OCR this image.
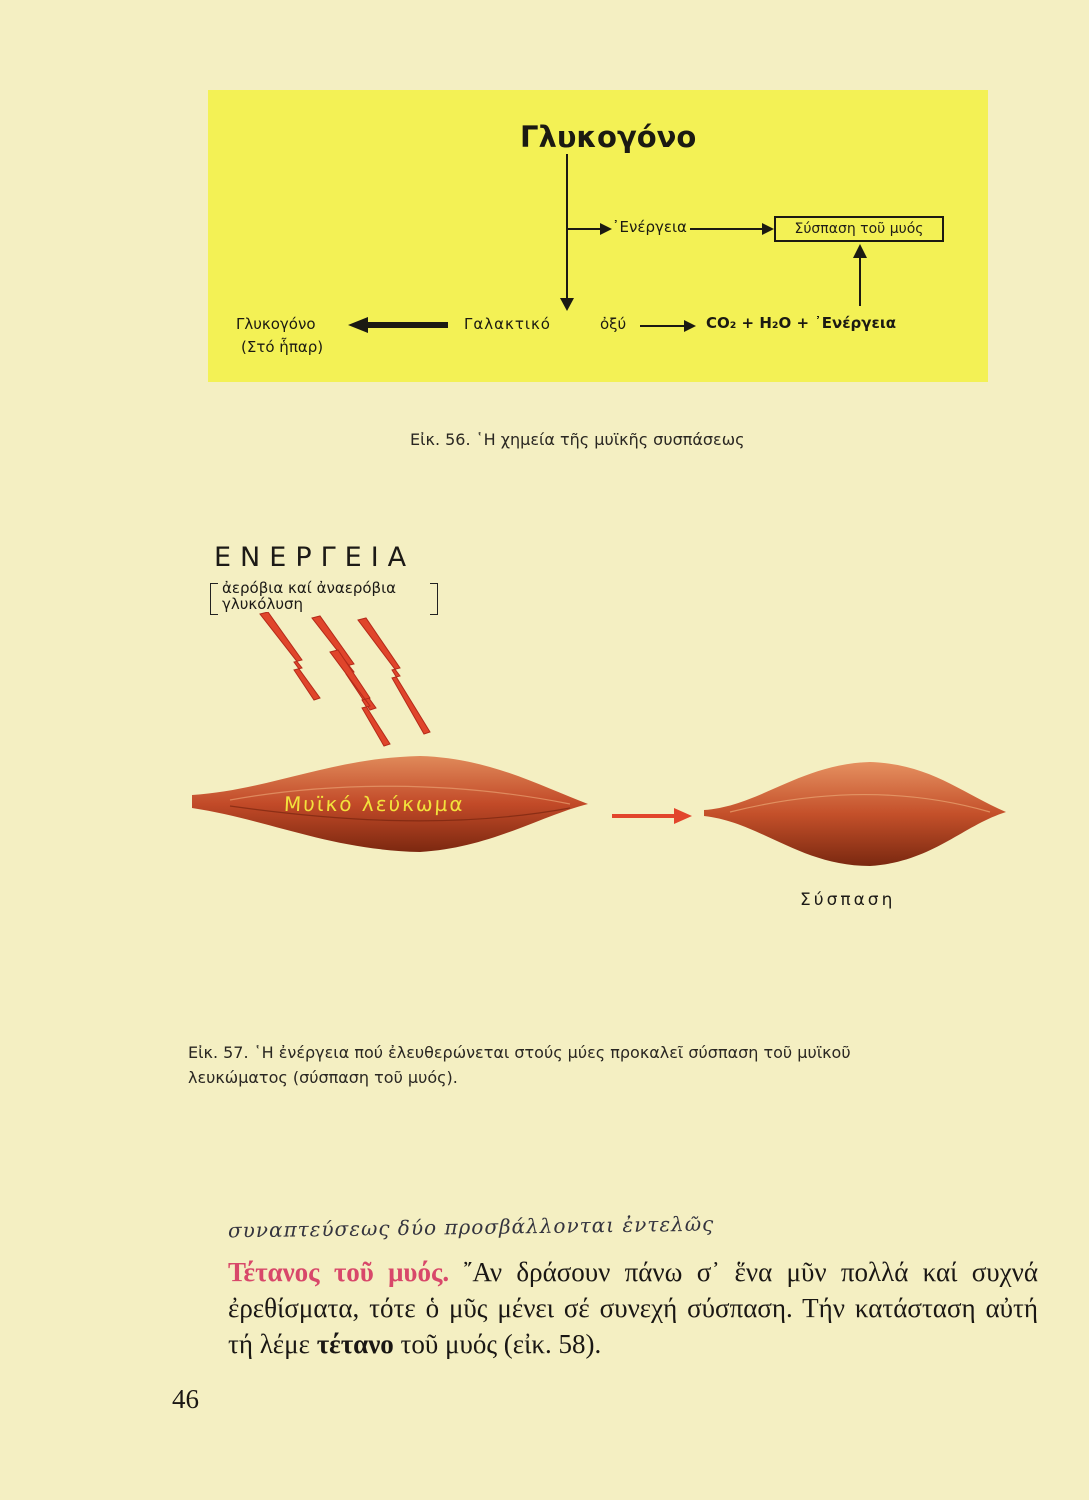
Γλυκογόνο
᾿Ενέργεια	Σύσπαση τοῦ μυός
Γλυκογόνο
(Στό ἧπαρ)
Γαλακτικό	ὀξύ	CO₂ + H₂O + ᾿Ενέργεια
Εἰκ. 56. ῾Η χημεία τῆς μυϊκῆς συσπάσεως
ΕΝΕΡΓΕΙΑ
ἀερόβια καί ἀναερόβια
γλυκόλυση
Μυϊκό λεύκωμα
Σύσπαση
Εἰκ. 57. ῾Η ἐνέργεια πού ἐλευθερώνεται στούς μύες προκαλεῖ σύσπαση τοῦ μυϊκοῦ
λευκώματος (σύσπαση τοῦ μυός).
συναπτεύσεως δύο προσβάλλονται ἐντελῶς

Τέτανος τοῦ μυός. ῎Αν δράσουν πάνω σ᾿ ἕνα μῦν πολλά καί συχνά ἐρεθίσματα, τότε ὁ μῦς μένει σέ συνεχή σύσπαση. Τήν κατάσταση αὐτή τή λέμε τέτανο τοῦ μυός (εἰκ. 58).

46
